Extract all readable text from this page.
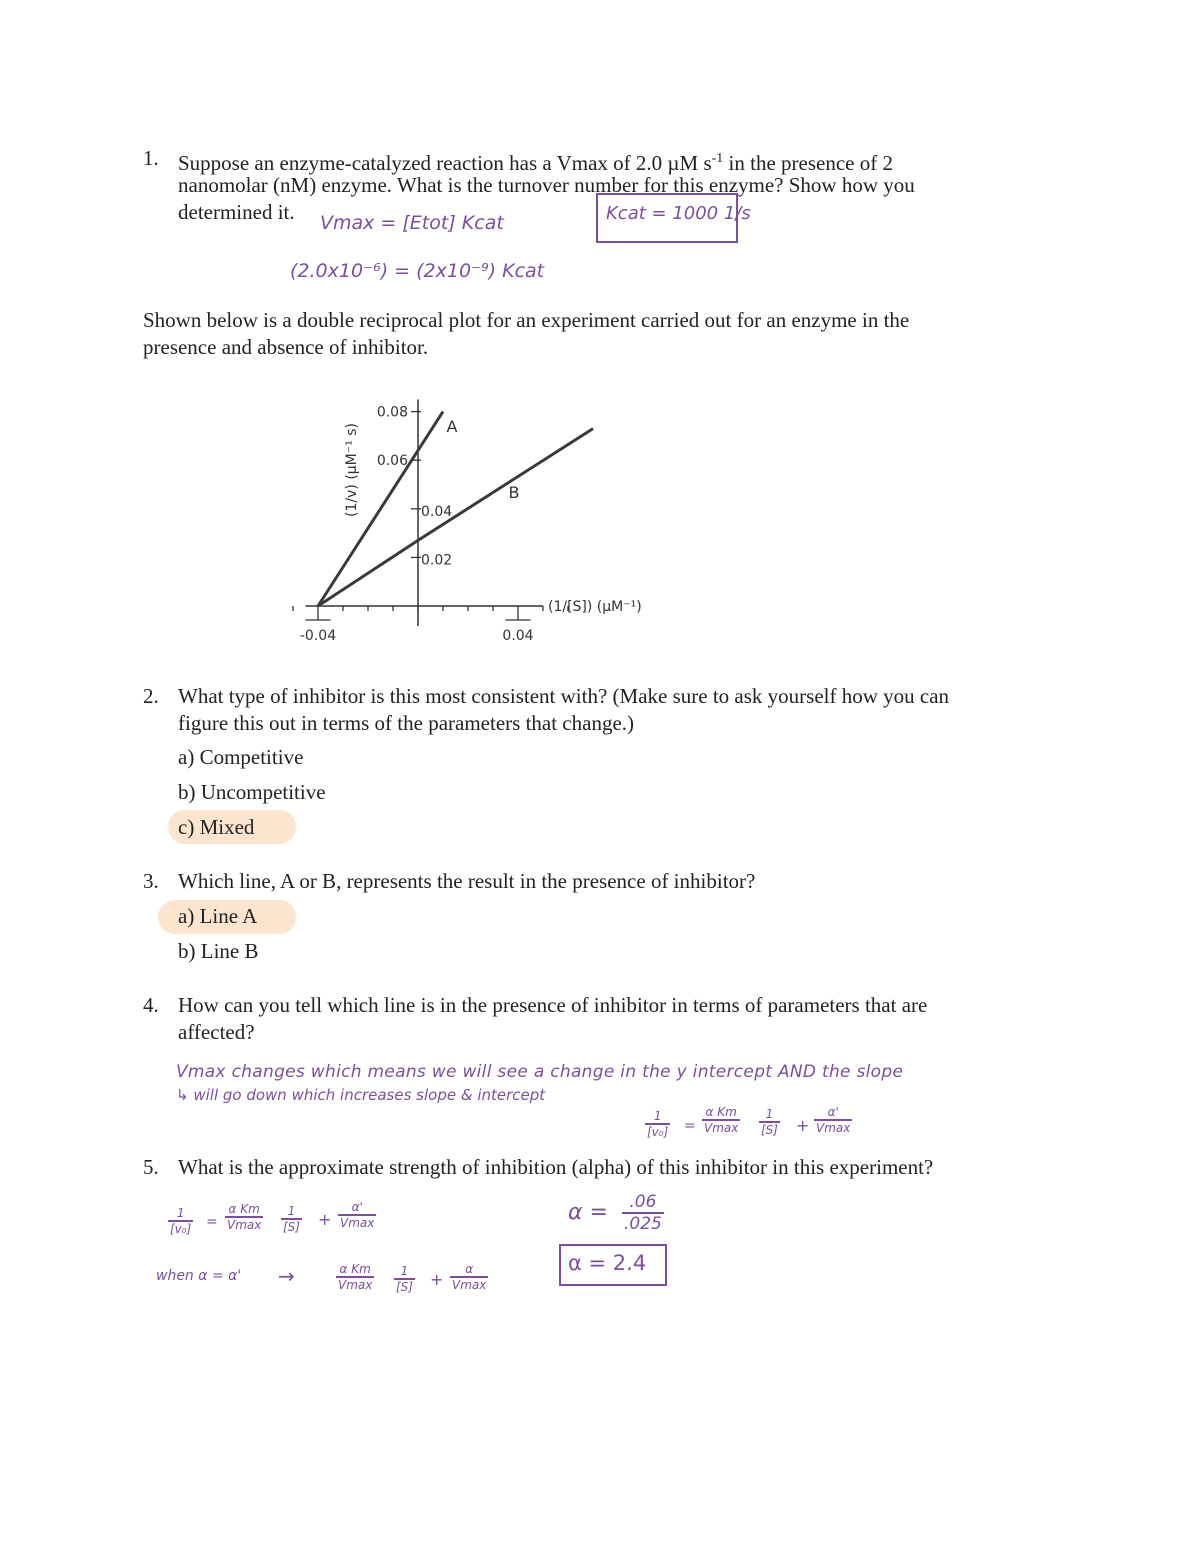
1. Suppose an enzyme-catalyzed reaction has a Vmax of 2.0 µM $s^{-1}$ in the presence of 2
nanomolar (nM) enzyme. What is the turnover number for this enzyme? Show how you
determined it. Vmax = [Etot] Kcat
(2.0x10⁻⁶) = (2x10⁻⁹) Kcat
Kcat = 1000 1/s
Shown below is a double reciprocal plot for an experiment carried out for an enzyme in the
presence and absence of inhibitor.
-0.04	0.04
0.08
0.06
0.04
0.02
A
B
(1/[S]) (µM⁻¹)
(1/v) (µM⁻¹ s)
2. What type of inhibitor is this most consistent with? (Make sure to ask yourself how you can
figure this out in terms of the parameters that change.)
a) Competitive
b) Uncompetitive
c) Mixed
3. Which line, A or B, represents the result in the presence of inhibitor?
a) Line A
b) Line B
4. How can you tell which line is in the presence of inhibitor in terms of parameters that are
affected?
Vmax changes which means we will see a change in the y intercept AND the slope
↳ will go down which increases slope & intercept
$\frac{1}{\text{[v₀]}}$ =
α Km
Vmax $\frac{1}{[S]}$ +
α'
Vmax
5. What is the approximate strength of inhibition (alpha) of this inhibitor in this experiment?
$\frac{1}{\text{[v₀]}}$ =
α Km
Vmax $\frac{1}{[S]}$ +
α'
Vmax
when α = α' →	α Km
Vmax $\frac{1}{[S]}$ +
α
Vmax
$\alpha = \frac{.06}{.025}$
α = 2.4
